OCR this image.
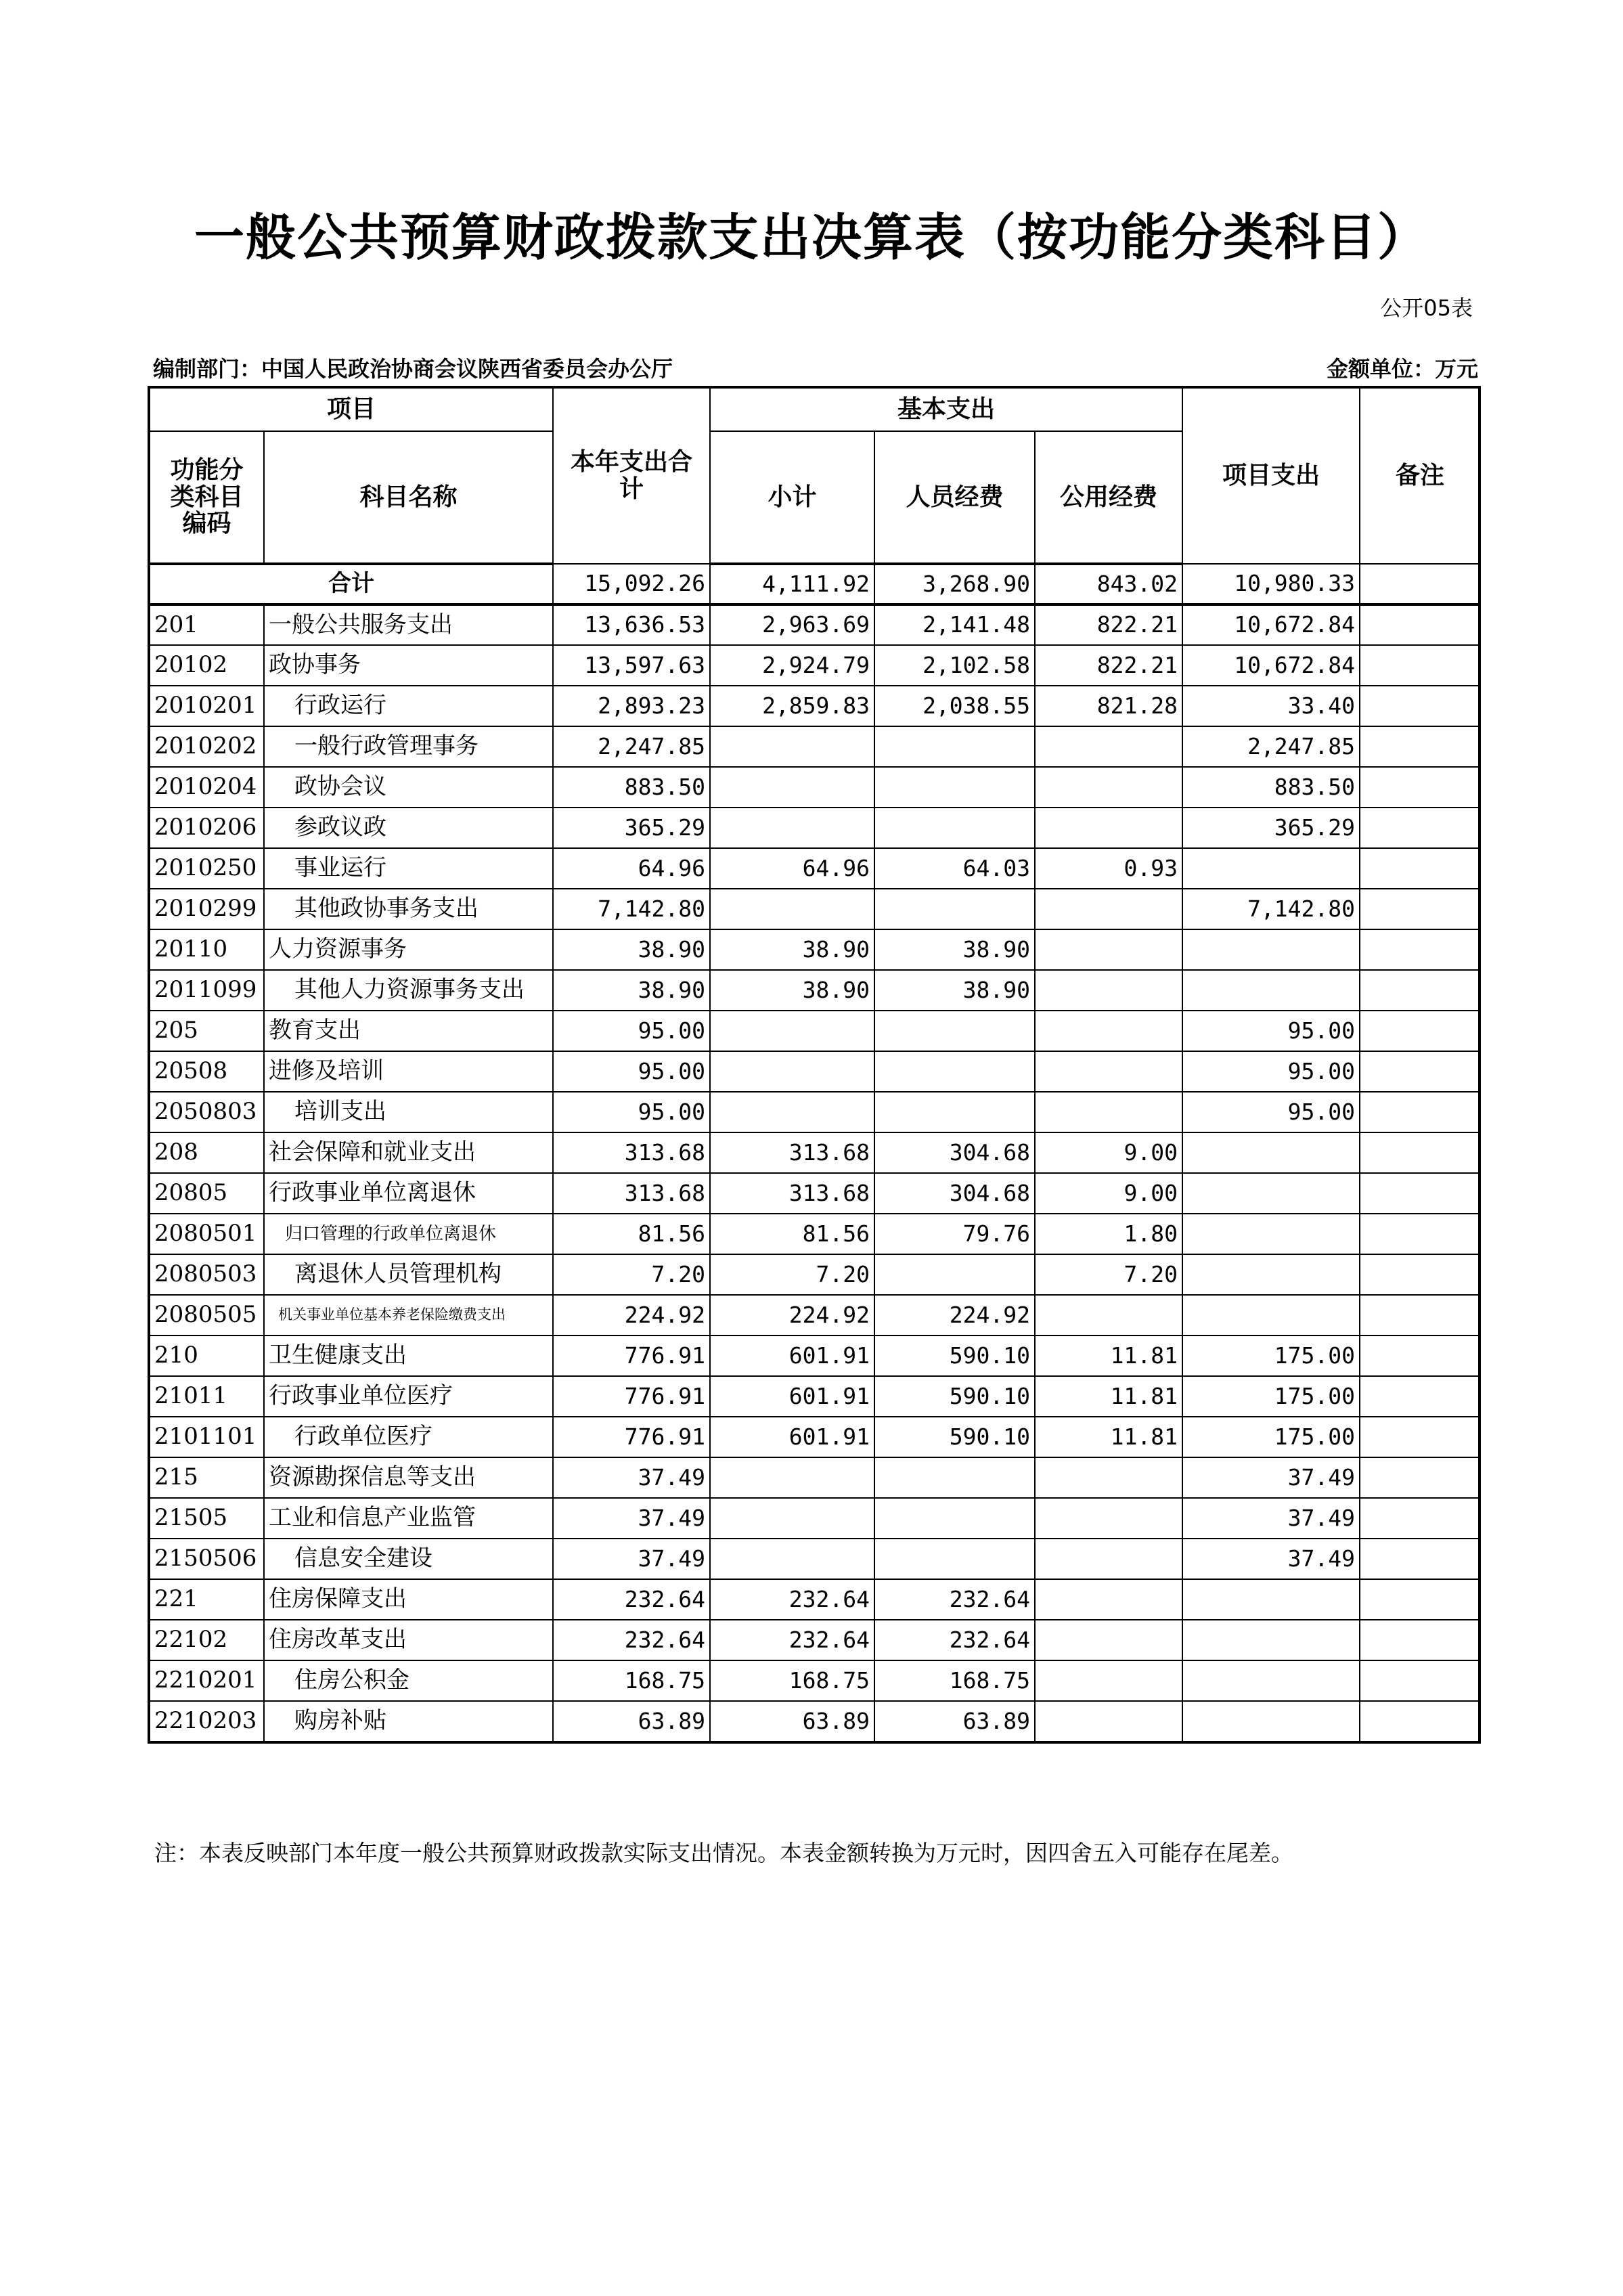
一般公共预算财政拨款支出决算表（按功能分类科目）
公开05表
编制部门：中国人民政治协商会议陕西省委员会办公厅	金额单位：万元
项目		本年支出合
计	基本支出			项目支出	备注

功能分
类科目
编码	科目名称		小计	人员经费	公用经费		
合计		15,092.26	4,111.92	3,268.90	843.02	10,980.33	
201	一般公共服务支出	13,636.53	2,963.69	2,141.48	822.21	10,672.84	
20102	政协事务	13,597.63	2,924.79	2,102.58	822.21	10,672.84	
2010201	行政运行	2,893.23	2,859.83	2,038.55	821.28	33.40	
2010202	一般行政管理事务	2,247.85				2,247.85	
2010204	政协会议	883.50				883.50	
2010206	参政议政	365.29				365.29	
2010250	事业运行	64.96	64.96	64.03	0.93		
2010299	其他政协事务支出	7,142.80				7,142.80	
20110	人力资源事务	38.90	38.90	38.90			
2011099	其他人力资源事务支出	38.90	38.90	38.90			
205	教育支出	95.00				95.00	
20508	进修及培训	95.00				95.00	
2050803	培训支出	95.00				95.00	
208	社会保障和就业支出	313.68	313.68	304.68	9.00		
20805	行政事业单位离退休	313.68	313.68	304.68	9.00		
2080501	归口管理的行政单位离退休	81.56	81.56	79.76	1.80		
2080503	离退休人员管理机构	7.20	7.20		7.20		
2080505	机关事业单位基本养老保险缴费支出	224.92	224.92	224.92			
210	卫生健康支出	776.91	601.91	590.10	11.81	175.00	
21011	行政事业单位医疗	776.91	601.91	590.10	11.81	175.00	
2101101	行政单位医疗	776.91	601.91	590.10	11.81	175.00	
215	资源勘探信息等支出	37.49				37.49	
21505	工业和信息产业监管	37.49				37.49	
2150506	信息安全建设	37.49				37.49	
221	住房保障支出	232.64	232.64	232.64			
22102	住房改革支出	232.64	232.64	232.64			
2210201	住房公积金	168.75	168.75	168.75			
2210203	购房补贴	63.89	63.89	63.89			
注：本表反映部门本年度一般公共预算财政拨款实际支出情况。本表金额转换为万元时，因四舍五入可能存在尾差。
